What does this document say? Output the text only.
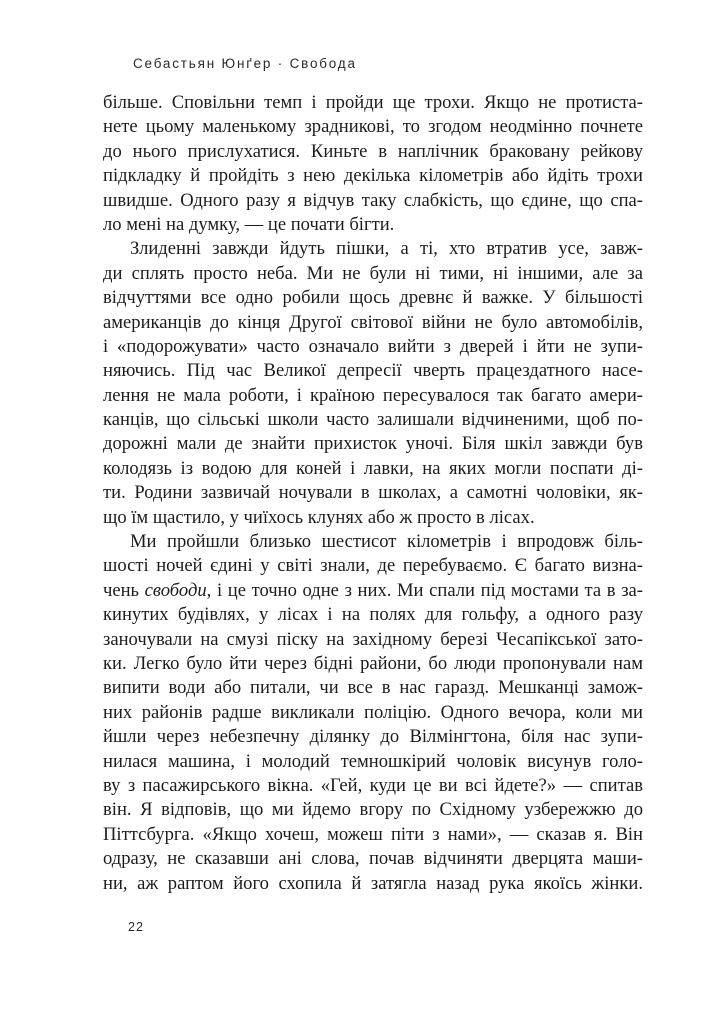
Себастьян Юнґер · Свобода
більше. Сповільни темп і пройди ще трохи. Якщо не протиста-
нете цьому маленькому зрадникові, то згодом неодмінно почнете
до нього прислухатися. Киньте в наплічник браковану рейкову
підкладку й пройдіть з нею декілька кілометрів або йдіть трохи
швидше. Одного разу я відчув таку слабкість, що єдине, що спа-
ло мені на думку, — це почати бігти.
Злиденні завжди йдуть пішки, а ті, хто втратив усе, завж-
ди сплять просто неба. Ми не були ні тими, ні іншими, але за
відчуттями все одно робили щось древнє й важке. У більшості
американців до кінця Другої світової війни не було автомобілів,
і «подорожувати» часто означало вийти з дверей і йти не зупи-
няючись. Під час Великої депресії чверть працездатного насе-
лення не мала роботи, і країною пересувалося так багато амери-
канців, що сільські школи часто залишали відчиненими, щоб по-
дорожні мали де знайти прихисток уночі. Біля шкіл завжди був
колодязь із водою для коней і лавки, на яких могли поспати ді-
ти. Родини зазвичай ночували в школах, а самотні чоловіки, як-
що їм щастило, у чиїхось клунях або ж просто в лісах.
Ми пройшли близько шестисот кілометрів і впродовж біль-
шості ночей єдині у світі знали, де перебуваємо. Є багато визна-
чень свободи, і це точно одне з них. Ми спали під мостами та в за-
кинутих будівлях, у лісах і на полях для гольфу, а одного разу
заночували на смузі піску на західному березі Чесапікської зато-
ки. Легко було йти через бідні райони, бо люди пропонували нам
випити води або питали, чи все в нас гаразд. Мешканці замож-
них районів радше викликали поліцію. Одного вечора, коли ми
йшли через небезпечну ділянку до Вілмінгтона, біля нас зупи-
нилася машина, і молодий темношкірий чоловік висунув голо-
ву з пасажирського вікна. «Гей, куди це ви всі йдете?» — спитав
він. Я відповів, що ми йдемо вгору по Східному узбережжю до
Піттсбурга. «Якщо хочеш, можеш піти з нами», — сказав я. Він
одразу, не сказавши ані слова, почав відчиняти дверцята маши-
ни, аж раптом його схопила й затягла назад рука якоїсь жінки.
22
